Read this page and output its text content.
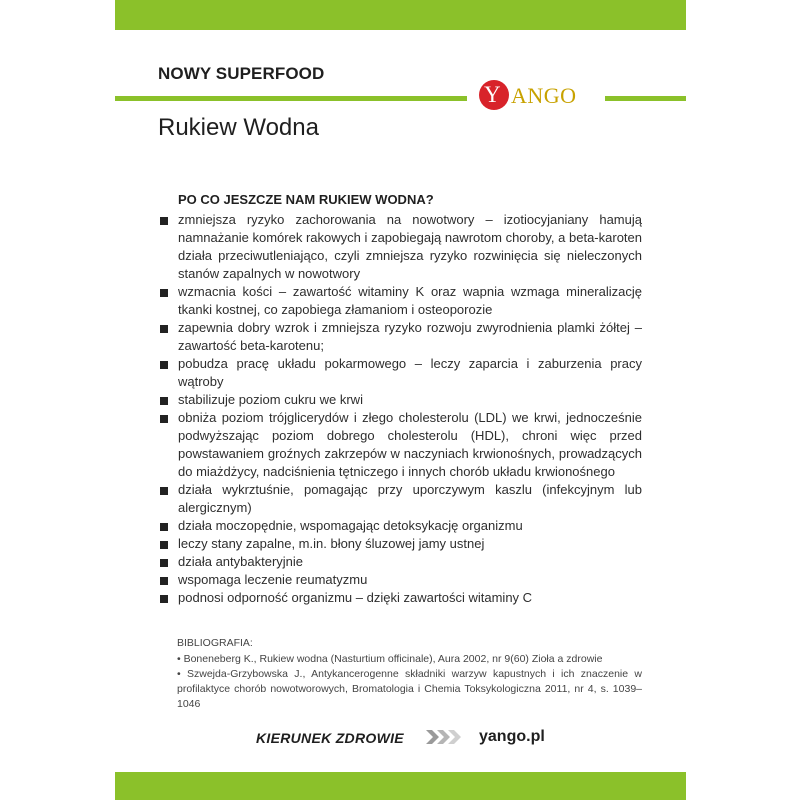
NOWY SUPERFOOD
Y ANGO
Rukiew Wodna
PO CO JESZCZE NAM RUKIEW WODNA?
zmniejsza ryzyko zachorowania na nowotwory – izotiocyjaniany hamują namnażanie komórek rakowych i zapobiegają nawrotom choroby, a beta-karoten działa przeciwutleniająco, czyli zmniejsza ryzyko rozwinięcia się nieleczonych stanów zapalnych w nowotwory
wzmacnia kości – zawartość witaminy K oraz wapnia wzmaga mineralizację tkanki kostnej, co zapobiega złamaniom i osteoporozie
zapewnia dobry wzrok i zmniejsza ryzyko rozwoju zwyrodnienia plamki żółtej – zawartość beta-karotenu;
pobudza pracę układu pokarmowego – leczy zaparcia i zaburzenia pracy wątroby
stabilizuje poziom cukru we krwi
obniża poziom trójglicerydów i złego cholesterolu (LDL) we krwi, jednocześnie podwyższając poziom dobrego cholesterolu (HDL), chroni więc przed powstawaniem groźnych zakrzepów w naczyniach krwionośnych, prowadzących do miażdżycy, nadciśnienia tętniczego i innych chorób układu krwionośnego
działa wykrztuśnie, pomagając przy uporczywym kaszlu (infekcyjnym lub alergicznym)
działa moczopędnie, wspomagając detoksykację organizmu
leczy stany zapalne, m.in. błony śluzowej jamy ustnej
działa antybakteryjnie
wspomaga leczenie reumatyzmu
podnosi odporność organizmu – dzięki zawartości witaminy C
BIBLIOGRAFIA:
• Boneneberg K., Rukiew wodna (Nasturtium officinale), Aura 2002, nr 9(60) Zioła a zdrowie
• Szwejda-Grzybowska J., Antykancerogenne składniki warzyw kapustnych i ich znaczenie w profilaktyce chorób nowotworowych, Bromatologia i Chemia Toksykologiczna 2011, nr 4, s. 1039–1046
KIERUNEK ZDROWIE	yango.pl
